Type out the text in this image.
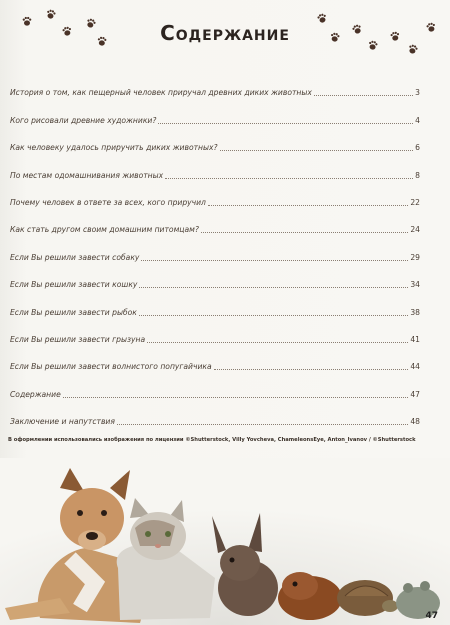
Содержание
История о том, как пещерный человек приручал древних диких животных	3
Кого рисовали древние художники?	4
Как человеку удалось приручить диких животных?	6
По местам одомашнивания животных	8
Почему человек в ответе за всех, кого приручил	22
Как стать другом своим домашним питомцам?	24
Если Вы решили завести собаку	29
Если Вы решили завести кошку	34
Если Вы решили завести рыбок	38
Если Вы решили завести грызуна	41
Если Вы решили завести волнистого попугайчика	44
Содержание	47
Заключение и напутствия	48
В оформлении использовались изображения по лицензии ©Shutterstock, Villy Yovcheva, ChameleonsEye, Anton_Ivanov / ©Shutterstock
47
